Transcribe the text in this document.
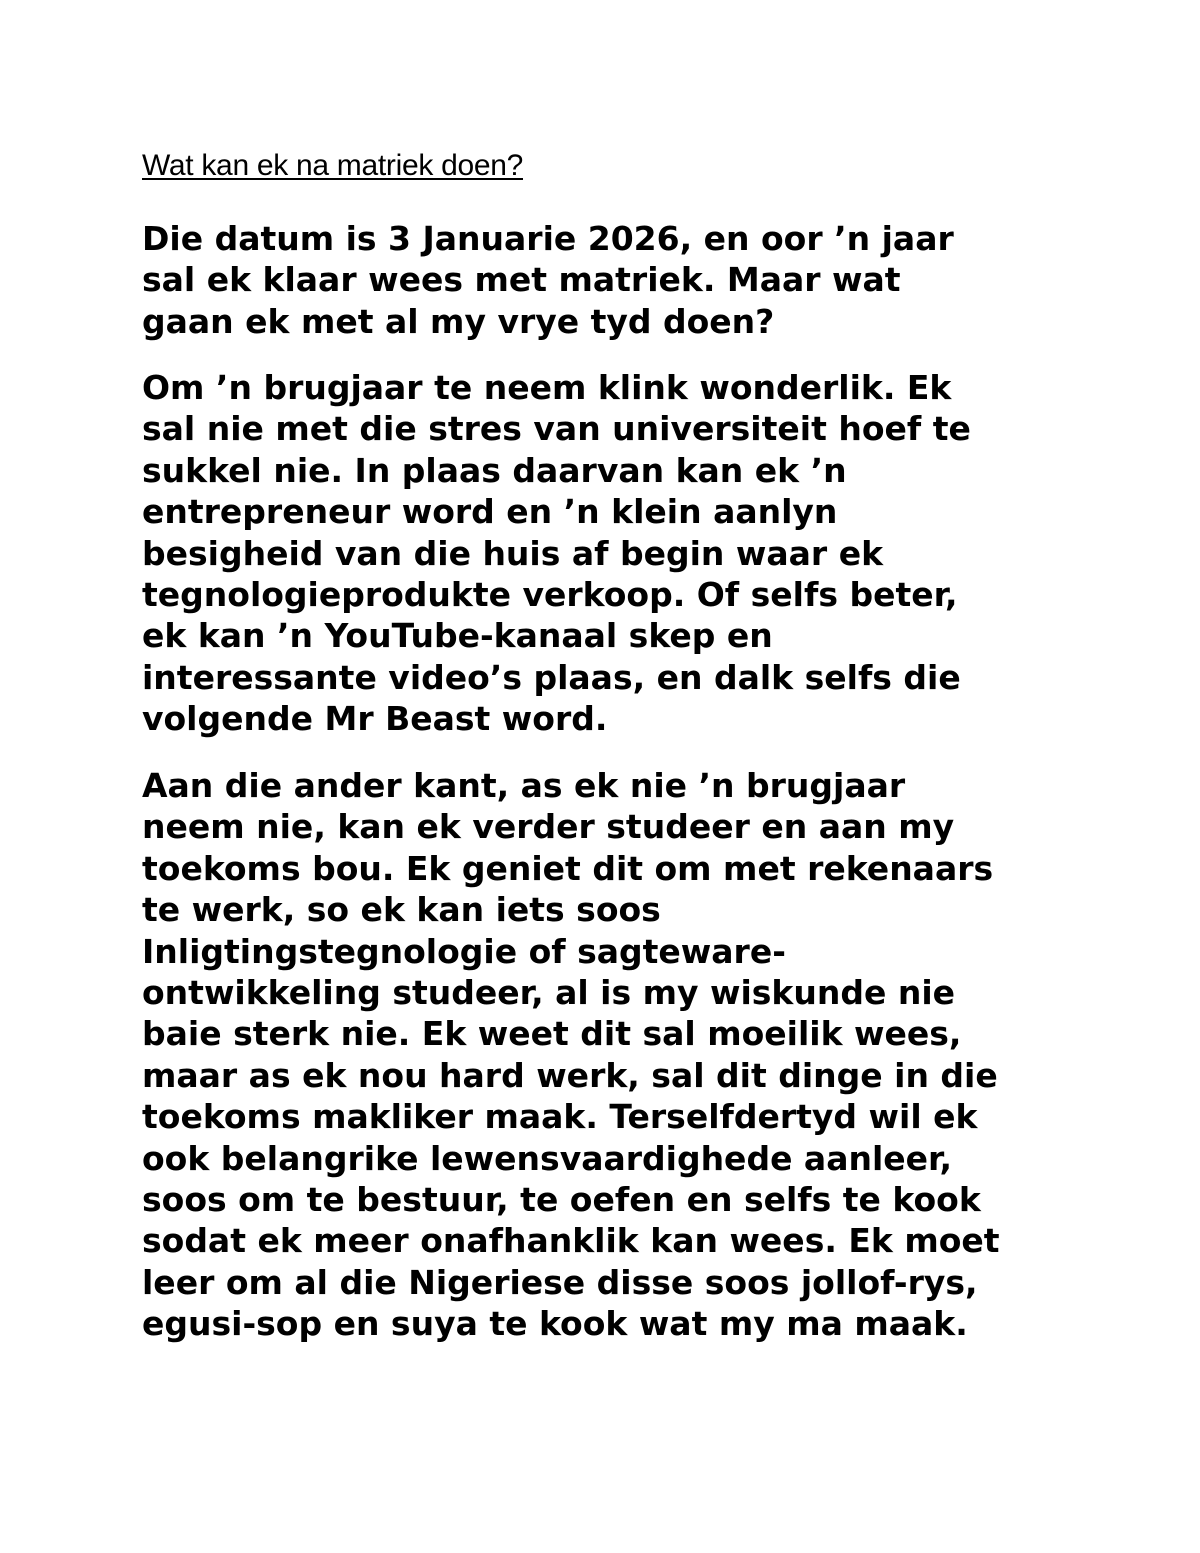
Wat kan ek na matriek doen?

Die datum is 3 Januarie 2026, en oor ’n jaar
sal ek klaar wees met matriek. Maar wat
gaan ek met al my vrye tyd doen?

Om ’n brugjaar te neem klink wonderlik. Ek
sal nie met die stres van universiteit hoef te
sukkel nie. In plaas daarvan kan ek ’n
entrepreneur word en ’n klein aanlyn
besigheid van die huis af begin waar ek
tegnologieprodukte verkoop. Of selfs beter,
ek kan ’n YouTube-kanaal skep en
interessante video’s plaas, en dalk selfs die
volgende Mr Beast word.

Aan die ander kant, as ek nie ’n brugjaar
neem nie, kan ek verder studeer en aan my
toekoms bou. Ek geniet dit om met rekenaars
te werk, so ek kan iets soos
Inligtingstegnologie of sagteware-
ontwikkeling studeer, al is my wiskunde nie
baie sterk nie. Ek weet dit sal moeilik wees,
maar as ek nou hard werk, sal dit dinge in die
toekoms makliker maak. Terselfdertyd wil ek
ook belangrike lewensvaardighede aanleer,
soos om te bestuur, te oefen en selfs te kook
sodat ek meer onafhanklik kan wees. Ek moet
leer om al die Nigeriese disse soos jollof-rys,
egusi-sop en suya te kook wat my ma maak.
